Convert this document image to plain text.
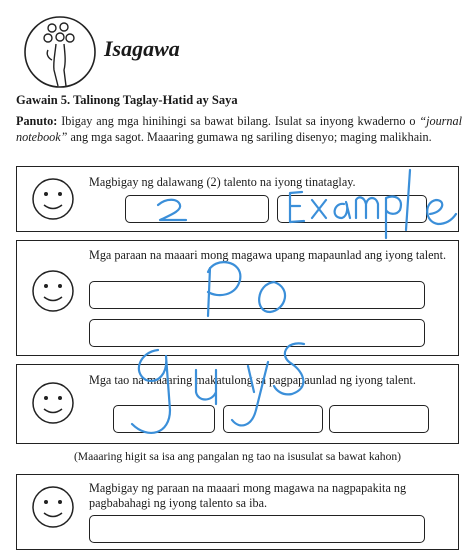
Isagawa
Gawain 5. Talinong Taglay-Hatid ay Saya
Panuto: Ibigay ang mga hinihingi sa bawat bilang. Isulat sa inyong kwaderno o “journal notebook” ang mga sagot. Maaaring gumawa ng sariling disenyo; maging malikhain.
Magbigay ng dalawang (2) talento na iyong tinataglay.
Mga paraan na maaari mong magawa upang mapaunlad ang iyong talent.
Mga tao na maaaring makatulong sa pagpapaunlad ng iyong talent.
(Maaaring higit sa isa ang pangalan ng tao na isusulat sa bawat kahon)
Magbigay ng paraan na maaari mong magawa na nagpapakita ng pagbabahagi ng iyong talento sa iba.
